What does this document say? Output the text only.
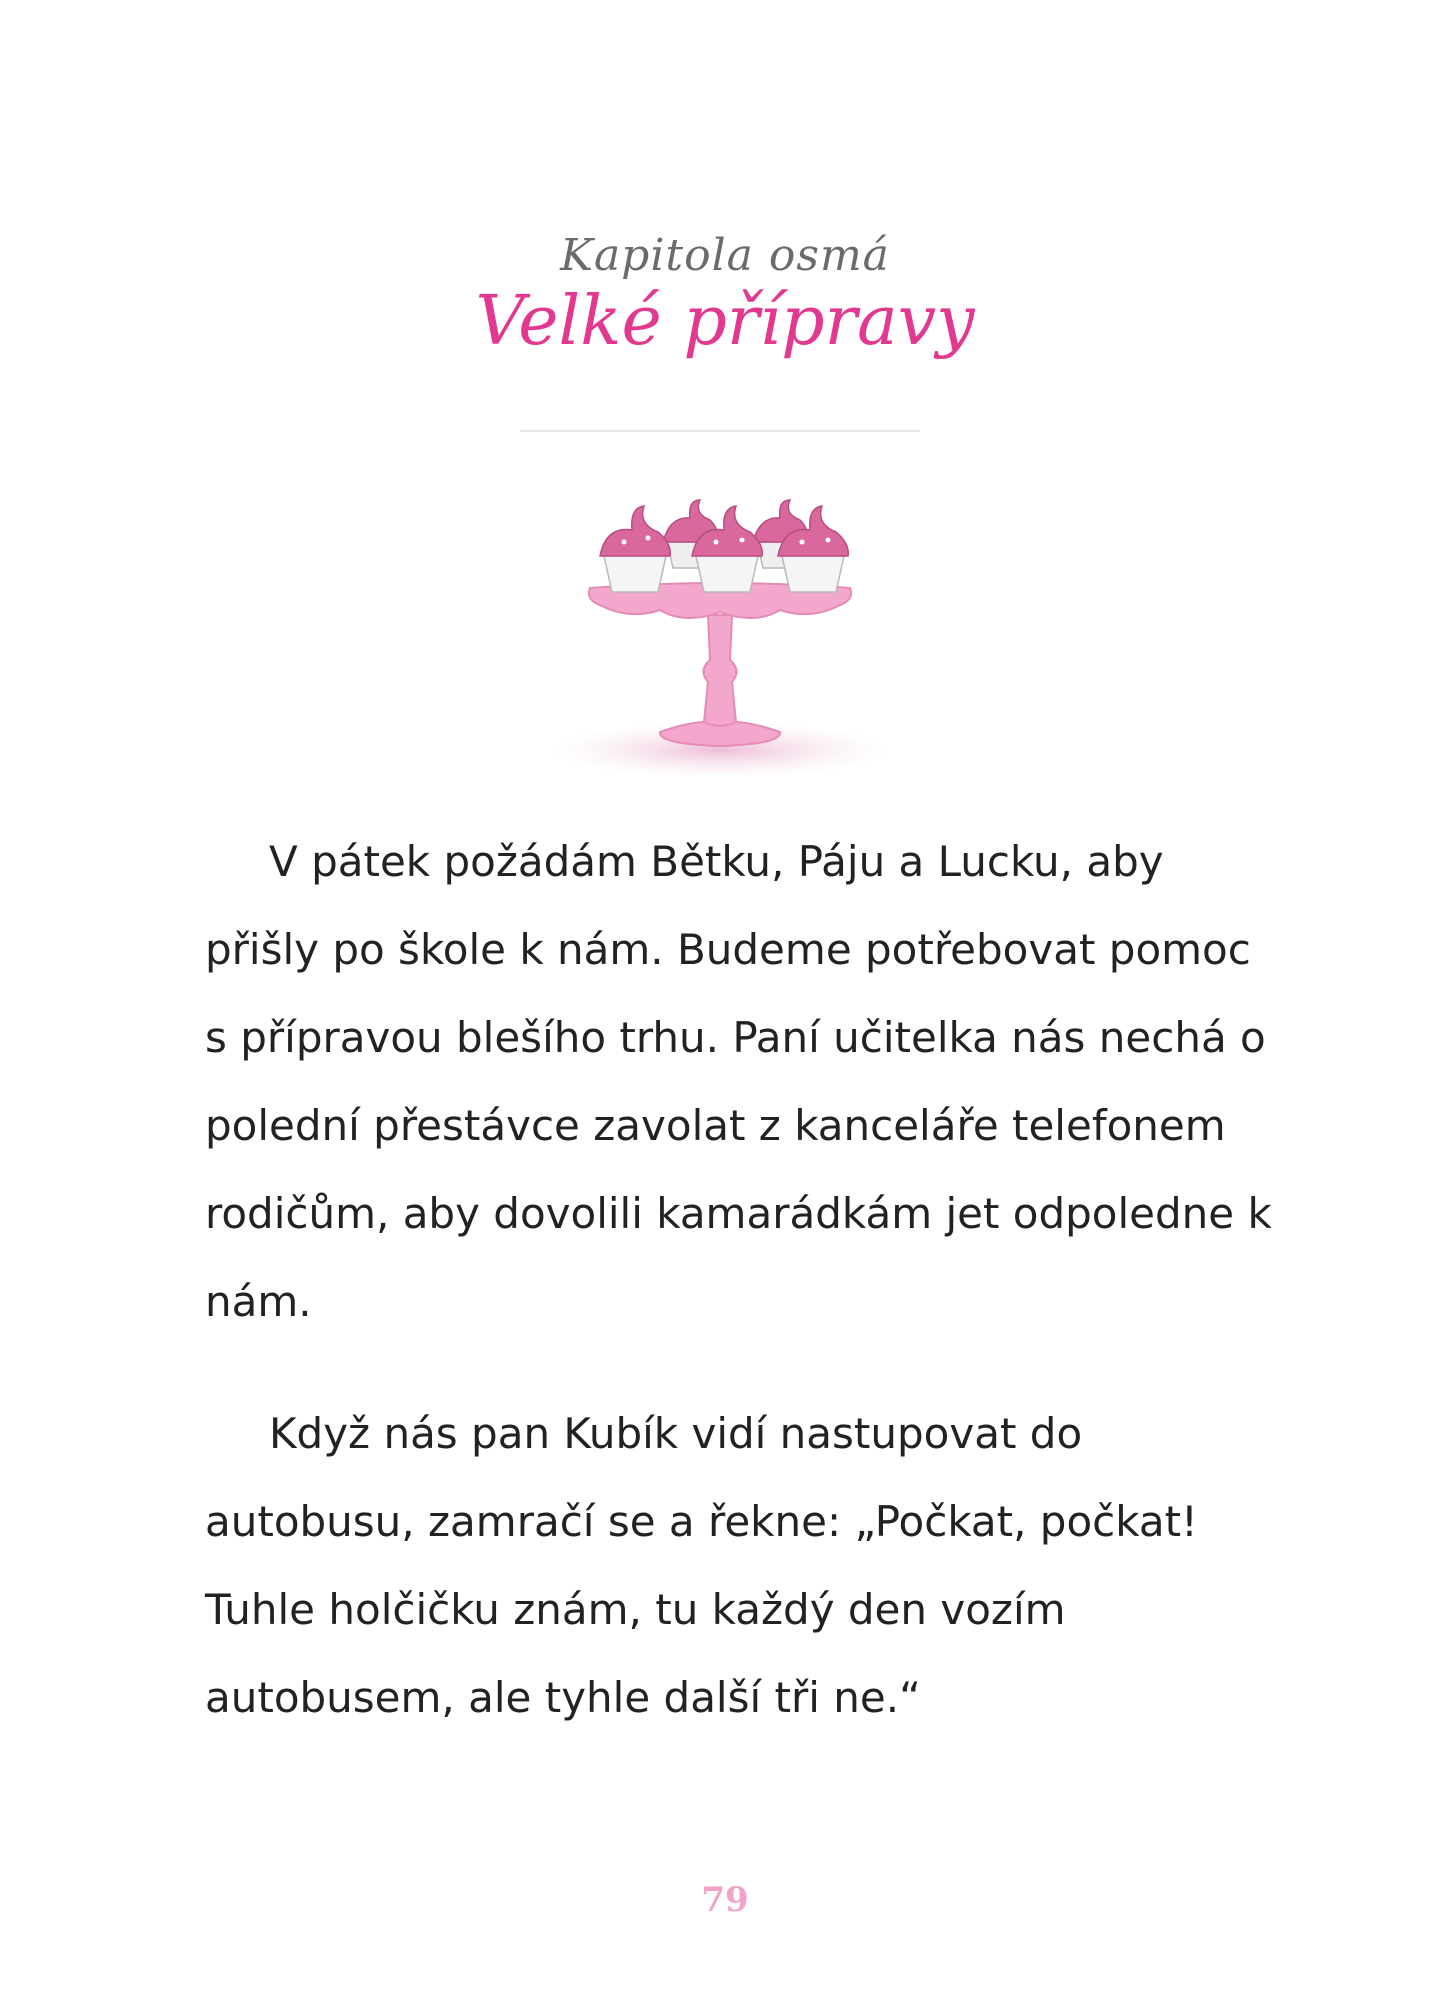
Kapitola osmá
Velké přípravy

V pátek požádám Bětku, Páju a Lucku, aby přišly po škole k nám. Budeme potřebovat pomoc s přípravou blešího trhu. Paní učitelka nás nechá o polední přestávce zavolat z kanceláře telefonem rodičům, aby dovolili kamarádkám jet odpoledne k nám.

Když nás pan Kubík vidí nastupovat do autobusu, zamračí se a řekne: „Počkat, počkat! Tuhle holčičku znám, tu každý den vozím autobusem, ale tyhle další tři ne.“

79
